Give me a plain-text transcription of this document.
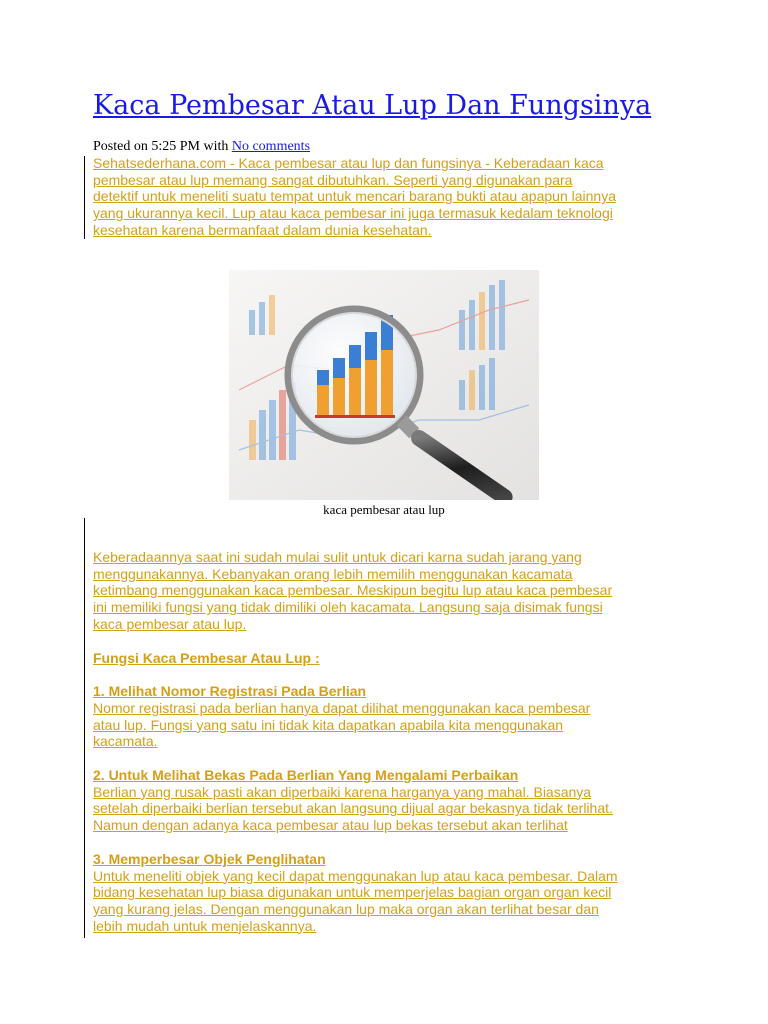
Kaca Pembesar Atau Lup Dan Fungsinya
Posted on 5:25 PM with No comments
Sehatsederhana.com - Kaca pembesar atau lup dan fungsinya - Keberadaan kaca
pembesar atau lup memang sangat dibutuhkan. Seperti yang digunakan para
detektif untuk meneliti suatu tempat untuk mencari barang bukti atau apapun lainnya
yang ukurannya kecil. Lup atau kaca pembesar ini juga termasuk kedalam teknologi
kesehatan karena bermanfaat dalam dunia kesehatan.
kaca pembesar atau lup
Keberadaannya saat ini sudah mulai sulit untuk dicari karna sudah jarang yang
menggunakannya. Kebanyakan orang lebih memilih menggunakan kacamata
ketimbang menggunakan kaca pembesar. Meskipun begitu lup atau kaca pembesar
ini memiliki fungsi yang tidak dimiliki oleh kacamata. Langsung saja disimak fungsi
kaca pembesar atau lup.
Fungsi Kaca Pembesar Atau Lup :
1. Melihat Nomor Registrasi Pada Berlian
Nomor registrasi pada berlian hanya dapat dilihat menggunakan kaca pembesar
atau lup. Fungsi yang satu ini tidak kita dapatkan apabila kita menggunakan
kacamata.
2. Untuk Melihat Bekas Pada Berlian Yang Mengalami Perbaikan
Berlian yang rusak pasti akan diperbaiki karena harganya yang mahal. Biasanya
setelah diperbaiki berlian tersebut akan langsung dijual agar bekasnya tidak terlihat.
Namun dengan adanya kaca pembesar atau lup bekas tersebut akan terlihat
3. Memperbesar Objek Penglihatan
Untuk meneliti objek yang kecil dapat menggunakan lup atau kaca pembesar. Dalam
bidang kesehatan lup biasa digunakan untuk memperjelas bagian organ organ kecil
yang kurang jelas. Dengan menggunakan lup maka organ akan terlihat besar dan
lebih mudah untuk menjelaskannya.
